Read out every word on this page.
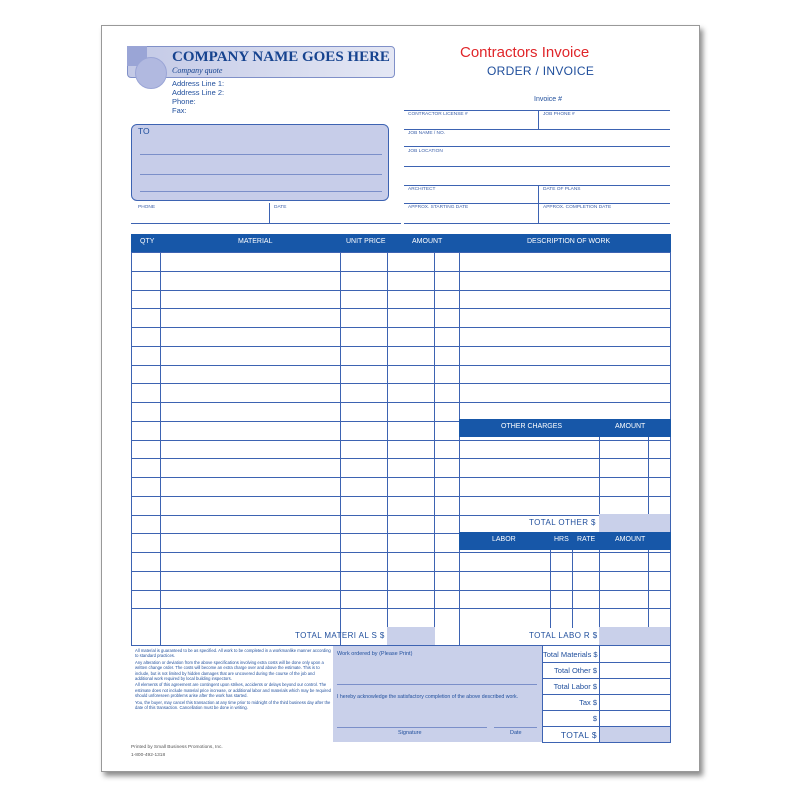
COMPANY NAME GOES HERE
Company quote
Address Line 1:
Address Line 2:
Phone:
Fax:
Contractors Invoice
ORDER / INVOICE
Invoice #
TO
PHONE	DATE
CONTRACTOR LICENSE #	JOB PHONE #
JOB NAME / NO.
JOB LOCATION
ARCHITECT	DATE OF PLANS
APPROX. STARTING DATE	APPROX. COMPLETION DATE
QTY	MATERIAL	UNIT PRICE	AMOUNT	DESCRIPTION OF WORK
OTHER CHARGES	AMOUNT
TOTAL OTHER $
LABOR	HRS RATE	AMOUNT
TOTAL MATERI AL S $	TOTAL LABO R $

All material is guaranteed to be as specified. All work to be completed in a workmanlike manner according to standard practices.

Any alteration or deviation from the above specifications involving extra costs will be done only upon a written change order. The costs will become an extra charge over and above the estimate. This is to include, but is not limited by hidden damages that are uncovered during the course of the job and additional work required by local building inspectors.

All elements of this agreement are contingent upon strikes, accidents or delays beyond our control. The estimate does not include material price increase, or additional labor and materials which may be required should unforeseen problems arise after the work has started.

You, the buyer, may cancel this transaction at any time prior to midnight of the third business day after the date of this transaction. Cancellation must be done in writing.

Work ordered by (Please Print)
I hereby acknowledge the satisfactory completion of the above described work.
Signature	Date
Total Materials $
Total Other $
Total Labor $
Tax $
$
TOTAL $
Printed by Small Business Promotions, Inc.
1-800-492-1318
